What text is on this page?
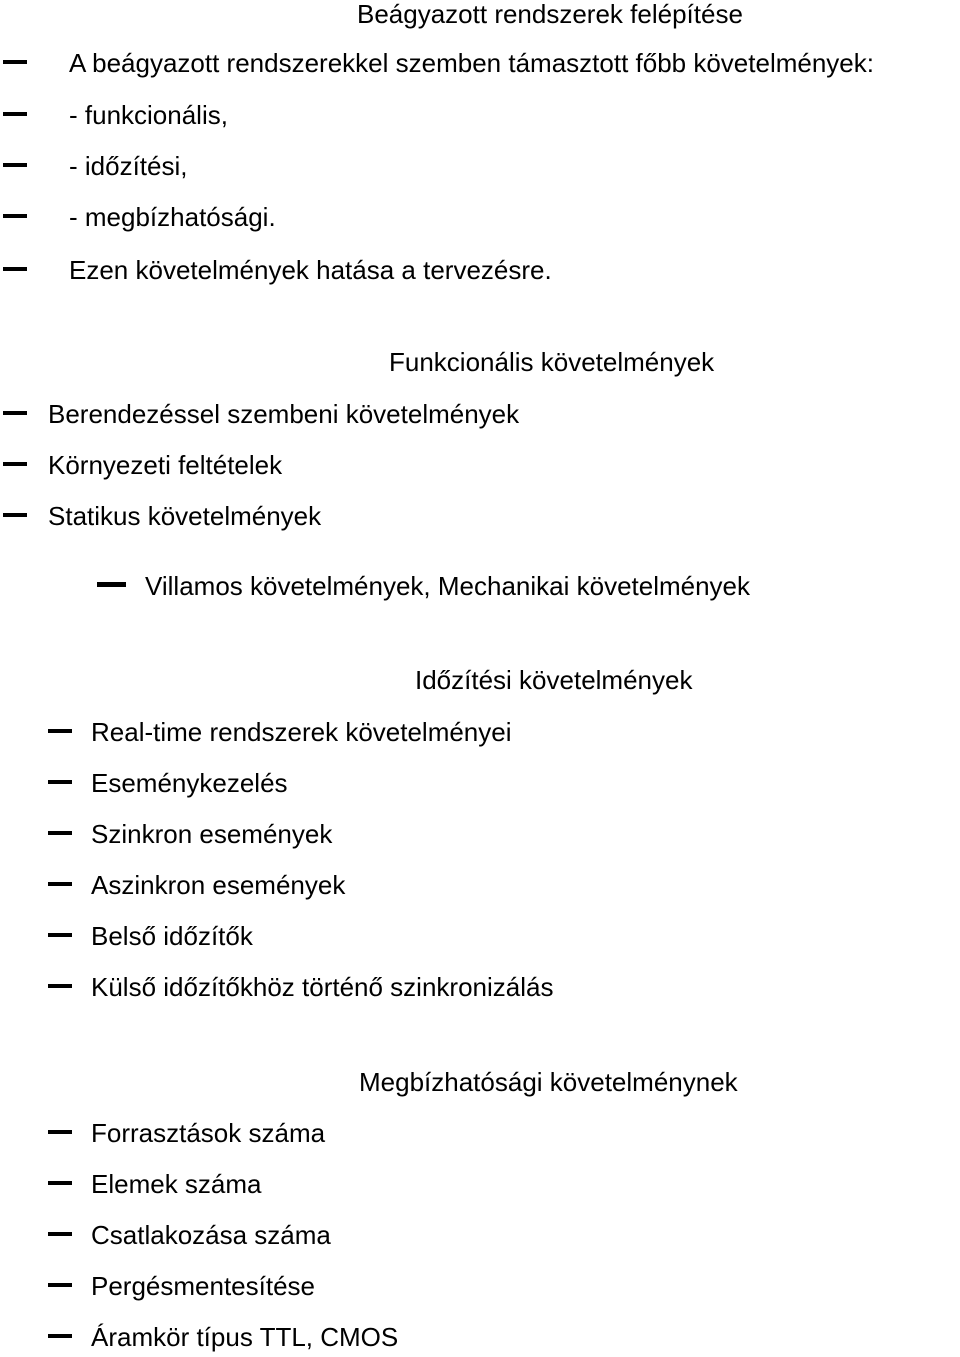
Beágyazott rendszerek felépítése
A beágyazott rendszerekkel szemben támasztott főbb követelmények:
- funkcionális,
- időzítési,
- megbízhatósági.
Ezen követelmények hatása a tervezésre.
Funkcionális követelmények
Berendezéssel szembeni követelmények
Környezeti feltételek
Statikus követelmények
Villamos követelmények, Mechanikai követelmények
Időzítési követelmények
Real-time rendszerek követelményei
Eseménykezelés
Szinkron események
Aszinkron események
Belső időzítők
Külső időzítőkhöz történő szinkronizálás
Megbízhatósági követelménynek
Forrasztások száma
Elemek száma
Csatlakozása száma
Pergésmentesítése
Áramkör típus TTL, CMOS
